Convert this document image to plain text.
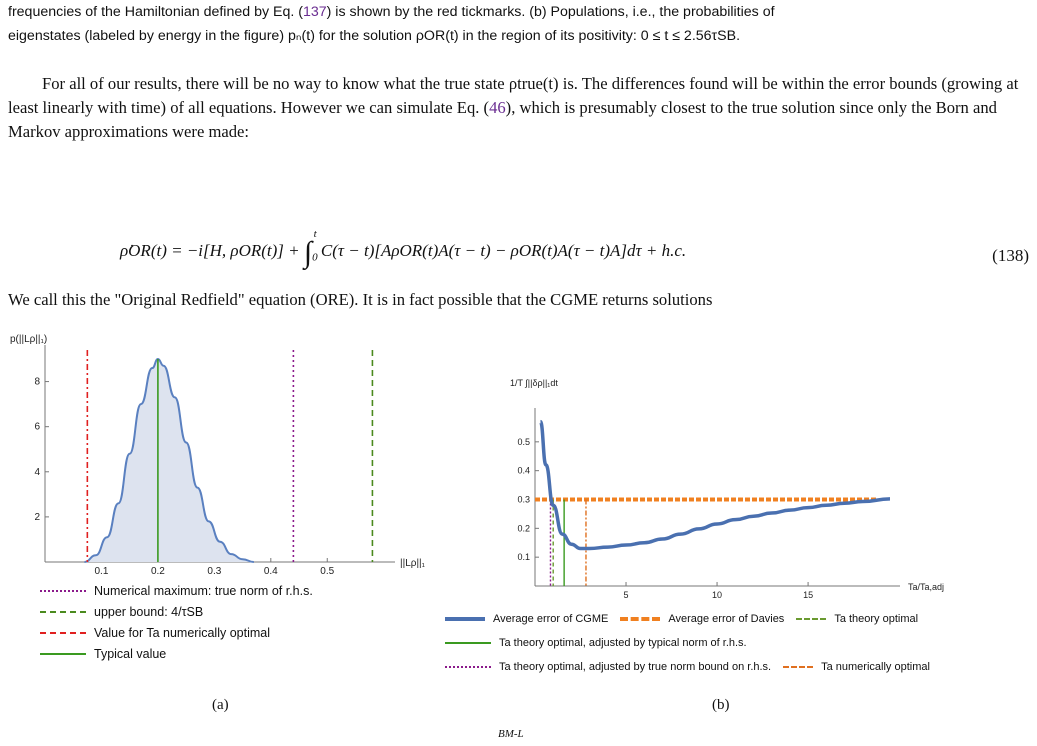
frequencies of the Hamiltonian defined by Eq. (137) is shown by the red tickmarks. (b) Populations, i.e., the probabilities of
eigenstates (labeled by energy in the figure) pₙ(t) for the solution ρOR(t) in the region of its positivity: 0 ≤ t ≤ 2.56τSB.
For all of our results, there will be no way to know what the true state ρtrue(t) is. The differences found will be within the error bounds (growing at least linearly with time) of all equations. However we can simulate Eq. (46), which is presumably closest to the true solution since only the Born and Markov approximations were made:
ρ̇OR(t) = −i[H, $\rho OR(t)] + \int_0^t$ C(τ − t)[AρOR(t)A(τ − t) − ρOR(t)A(τ − t)A]dτ + h.c.	(138)
We call this the "Original Redfield" equation (ORE). It is in fact possible that the CGME returns solutions
0.1	0.2	0.3	0.4	0.5
2
4
6
8
p(||Lρ||₁)
||Lρ||₁
Numerical maximum: true norm of r.h.s.
upper bound: 4/τSB
Value for Ta numerically optimal
Typical value
(a)
5	10	15
0.1
0.2
0.3
0.4
0.5
1/T ∫||δρ||₁dt
Ta/Ta,adj
Average error of CGME	Average error of Davies	Ta theory optimal
Ta theory optimal, adjusted by typical norm of r.h.s.
Ta theory optimal, adjusted by true norm bound on r.h.s.	Ta numerically optimal
(b)
BM-L
